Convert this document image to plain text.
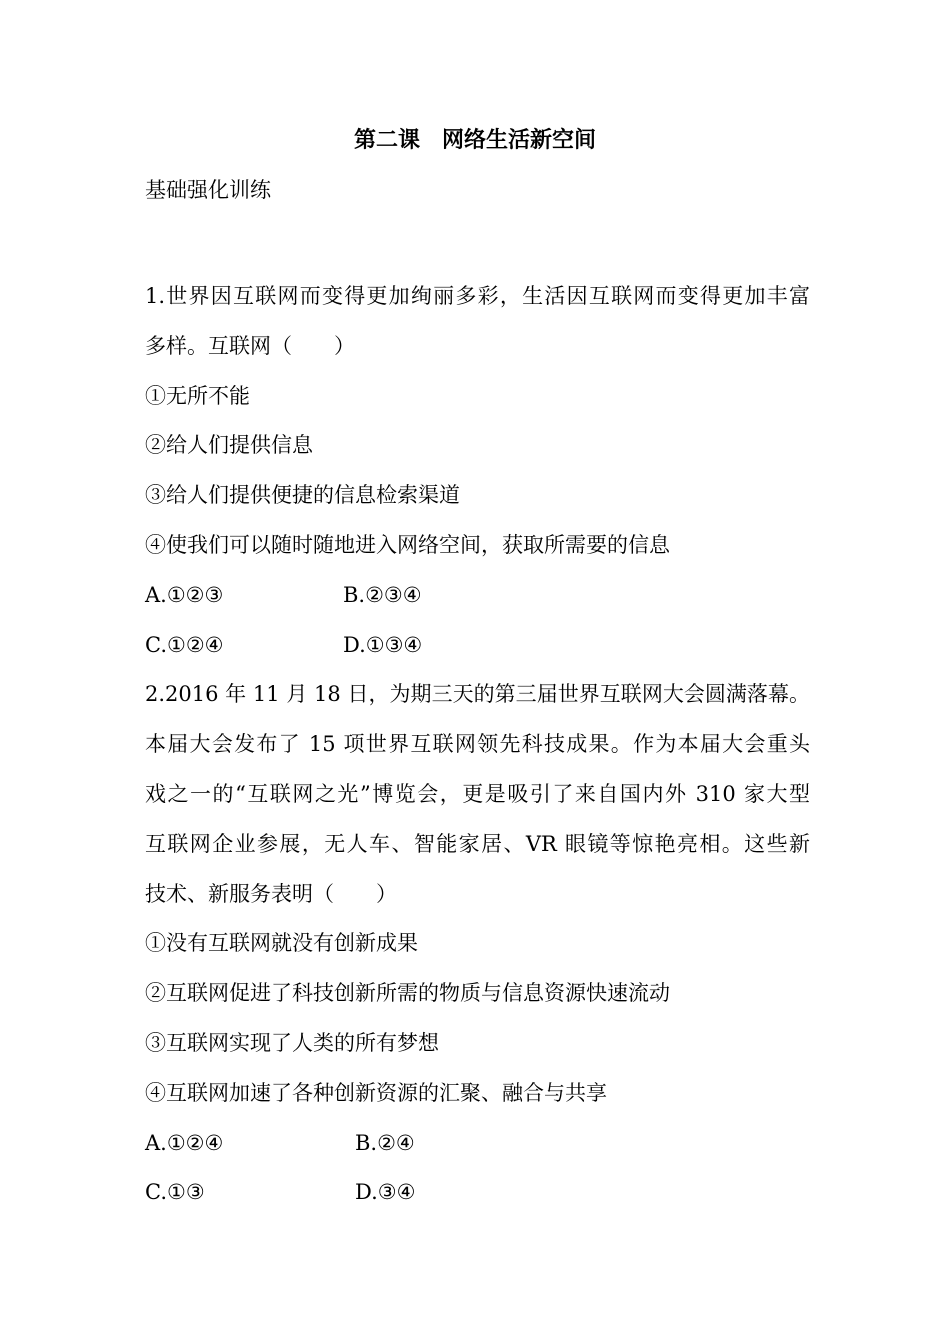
第二课　网络生活新空间
基础强化训练
1.世界因互联网而变得更加绚丽多彩，生活因互联网而变得更加丰富
多样。互联网（　　）
①无所不能
②给人们提供信息
③给人们提供便捷的信息检索渠道
④使我们可以随时随地进入网络空间，获取所需要的信息
A.①②③	B.②③④
C.①②④	D.①③④
2.2016 年 11 月 18 日，为期三天的第三届世界互联网大会圆满落幕。
本届大会发布了 15 项世界互联网领先科技成果。作为本届大会重头
戏之一的“互联网之光”博览会，更是吸引了来自国内外 310 家大型
互联网企业参展，无人车、智能家居、VR 眼镜等惊艳亮相。这些新
技术、新服务表明（　　）
①没有互联网就没有创新成果
②互联网促进了科技创新所需的物质与信息资源快速流动
③互联网实现了人类的所有梦想
④互联网加速了各种创新资源的汇聚、融合与共享
A.①②④	B.②④
C.①③	D.③④
